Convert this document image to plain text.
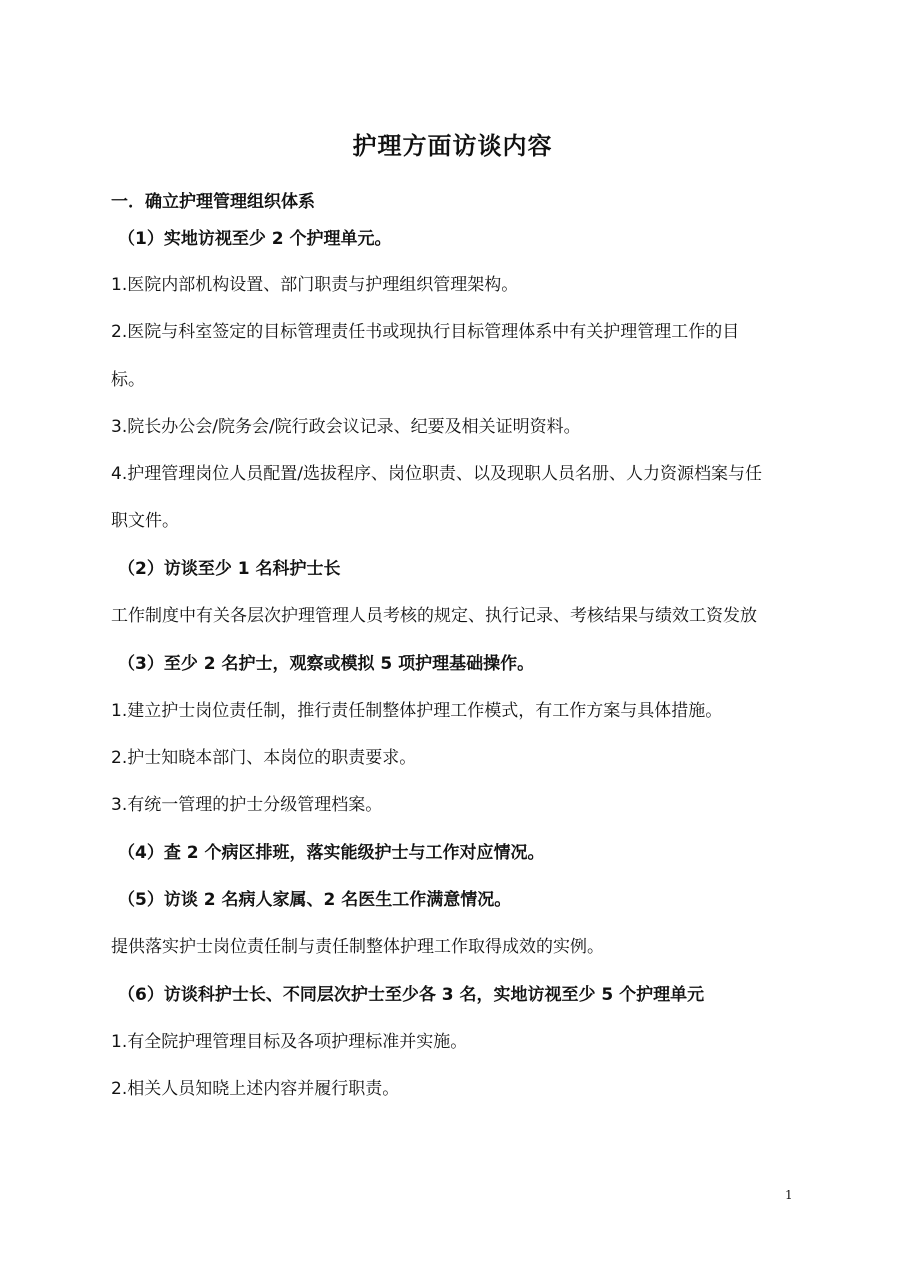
护理方面访谈内容
一．确立护理管理组织体系
（1）实地访视至少 2 个护理单元。
1.医院内部机构设置、部门职责与护理组织管理架构。
2.医院与科室签定的目标管理责任书或现执行目标管理体系中有关护理管理工作的目
标。
3.院长办公会/院务会/院行政会议记录、纪要及相关证明资料。
4.护理管理岗位人员配置/选拔程序、岗位职责、以及现职人员名册、人力资源档案与任
职文件。
（2）访谈至少 1 名科护士长
工作制度中有关各层次护理管理人员考核的规定、执行记录、考核结果与绩效工资发放
（3）至少 2 名护士，观察或模拟 5 项护理基础操作。
1.建立护士岗位责任制，推行责任制整体护理工作模式，有工作方案与具体措施。
2.护士知晓本部门、本岗位的职责要求。
3.有统一管理的护士分级管理档案。
（4）查 2 个病区排班，落实能级护士与工作对应情况。
（5）访谈 2 名病人家属、2 名医生工作满意情况。
提供落实护士岗位责任制与责任制整体护理工作取得成效的实例。
（6）访谈科护士长、不同层次护士至少各 3 名，实地访视至少 5 个护理单元
1.有全院护理管理目标及各项护理标准并实施。
2.相关人员知晓上述内容并履行职责。
1
